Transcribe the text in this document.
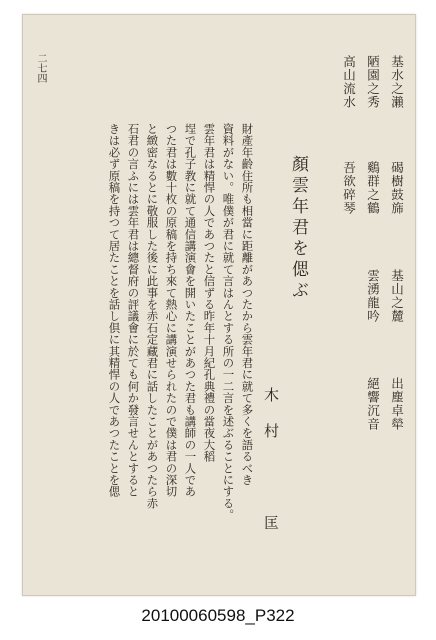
二七四	基水之瀨
碣樹鼓旆
基山之麓
出塵卓犖
陋園之秀
鷄群之鶴
雲湧龍吟
絕響沉音
高山流水
吾欲碎琴
顏雲年君を偲ぶ
木
村
匡
財產年齡住所も相當に距離があつたから雲年君に就て多くを語るべき
資料がない。唯僕が君に就て言はんとする所の一二言を述ぶることにする。
雲年君は精悍の人であつたと信ずる昨年十月紀孔典禮の當夜大稻
埕で孔子教に就て通信講演會を開いたことがあつた君も講師の一人であ
つた君は數十枚の原稿を持ち來て熱心に講演せられたので僕は君の深切
と緻密なるとに敬服した後に此事を赤石定藏君に話したことがあつたら赤
石君の言ふには雲年君は總督府の評議會に於ても何か發言せんとすると
きは必ず原稿を持つて居たことを話し倶に其精悍の人であつたことを偲
20100060598_P322
